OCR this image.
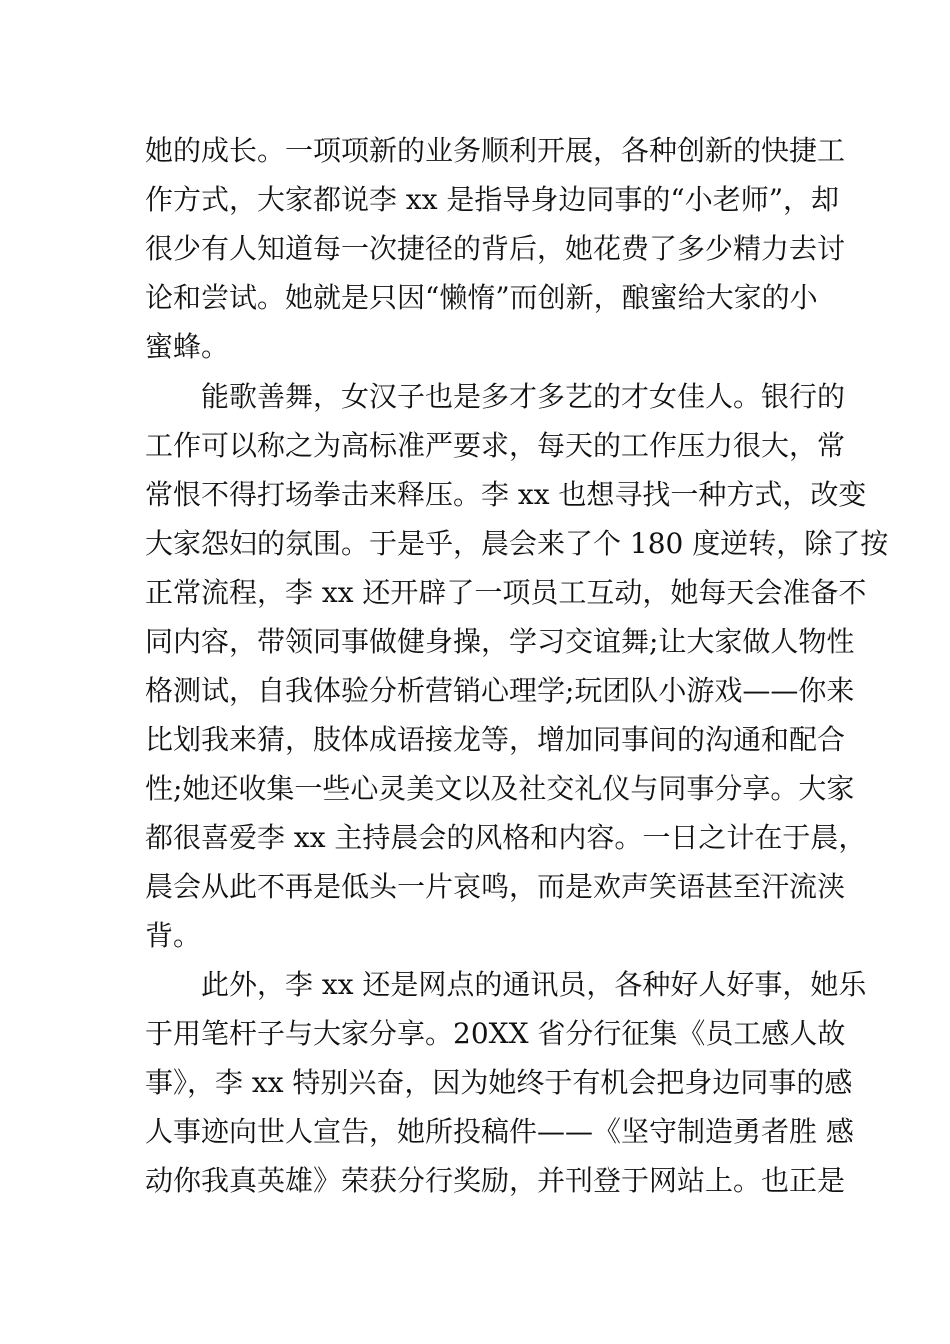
她的成长。一项项新的业务顺利开展，各种创新的快捷工
作方式，大家都说李 xx 是指导身边同事的“小老师”，却
很少有人知道每一次捷径的背后，她花费了多少精力去讨
论和尝试。她就是只因“懒惰”而创新，酿蜜给大家的小
蜜蜂。
能歌善舞，女汉子也是多才多艺的才女佳人。银行的
工作可以称之为高标准严要求，每天的工作压力很大，常
常恨不得打场拳击来释压。李 xx 也想寻找一种方式，改变
大家怨妇的氛围。于是乎，晨会来了个 180 度逆转，除了按
正常流程，李 xx 还开辟了一项员工互动，她每天会准备不
同内容，带领同事做健身操，学习交谊舞;让大家做人物性
格测试，自我体验分析营销心理学;玩团队小游戏——你来
比划我来猜，肢体成语接龙等，增加同事间的沟通和配合
性;她还收集一些心灵美文以及社交礼仪与同事分享。大家
都很喜爱李 xx 主持晨会的风格和内容。一日之计在于晨，
晨会从此不再是低头一片哀鸣，而是欢声笑语甚至汗流浃
背。
此外，李 xx 还是网点的通讯员，各种好人好事，她乐
于用笔杆子与大家分享。20XX 省分行征集《员工感人故
事》，李 xx 特别兴奋，因为她终于有机会把身边同事的感
人事迹向世人宣告，她所投稿件——《坚守制造勇者胜 感
动你我真英雄》荣获分行奖励，并刊登于网站上。也正是
